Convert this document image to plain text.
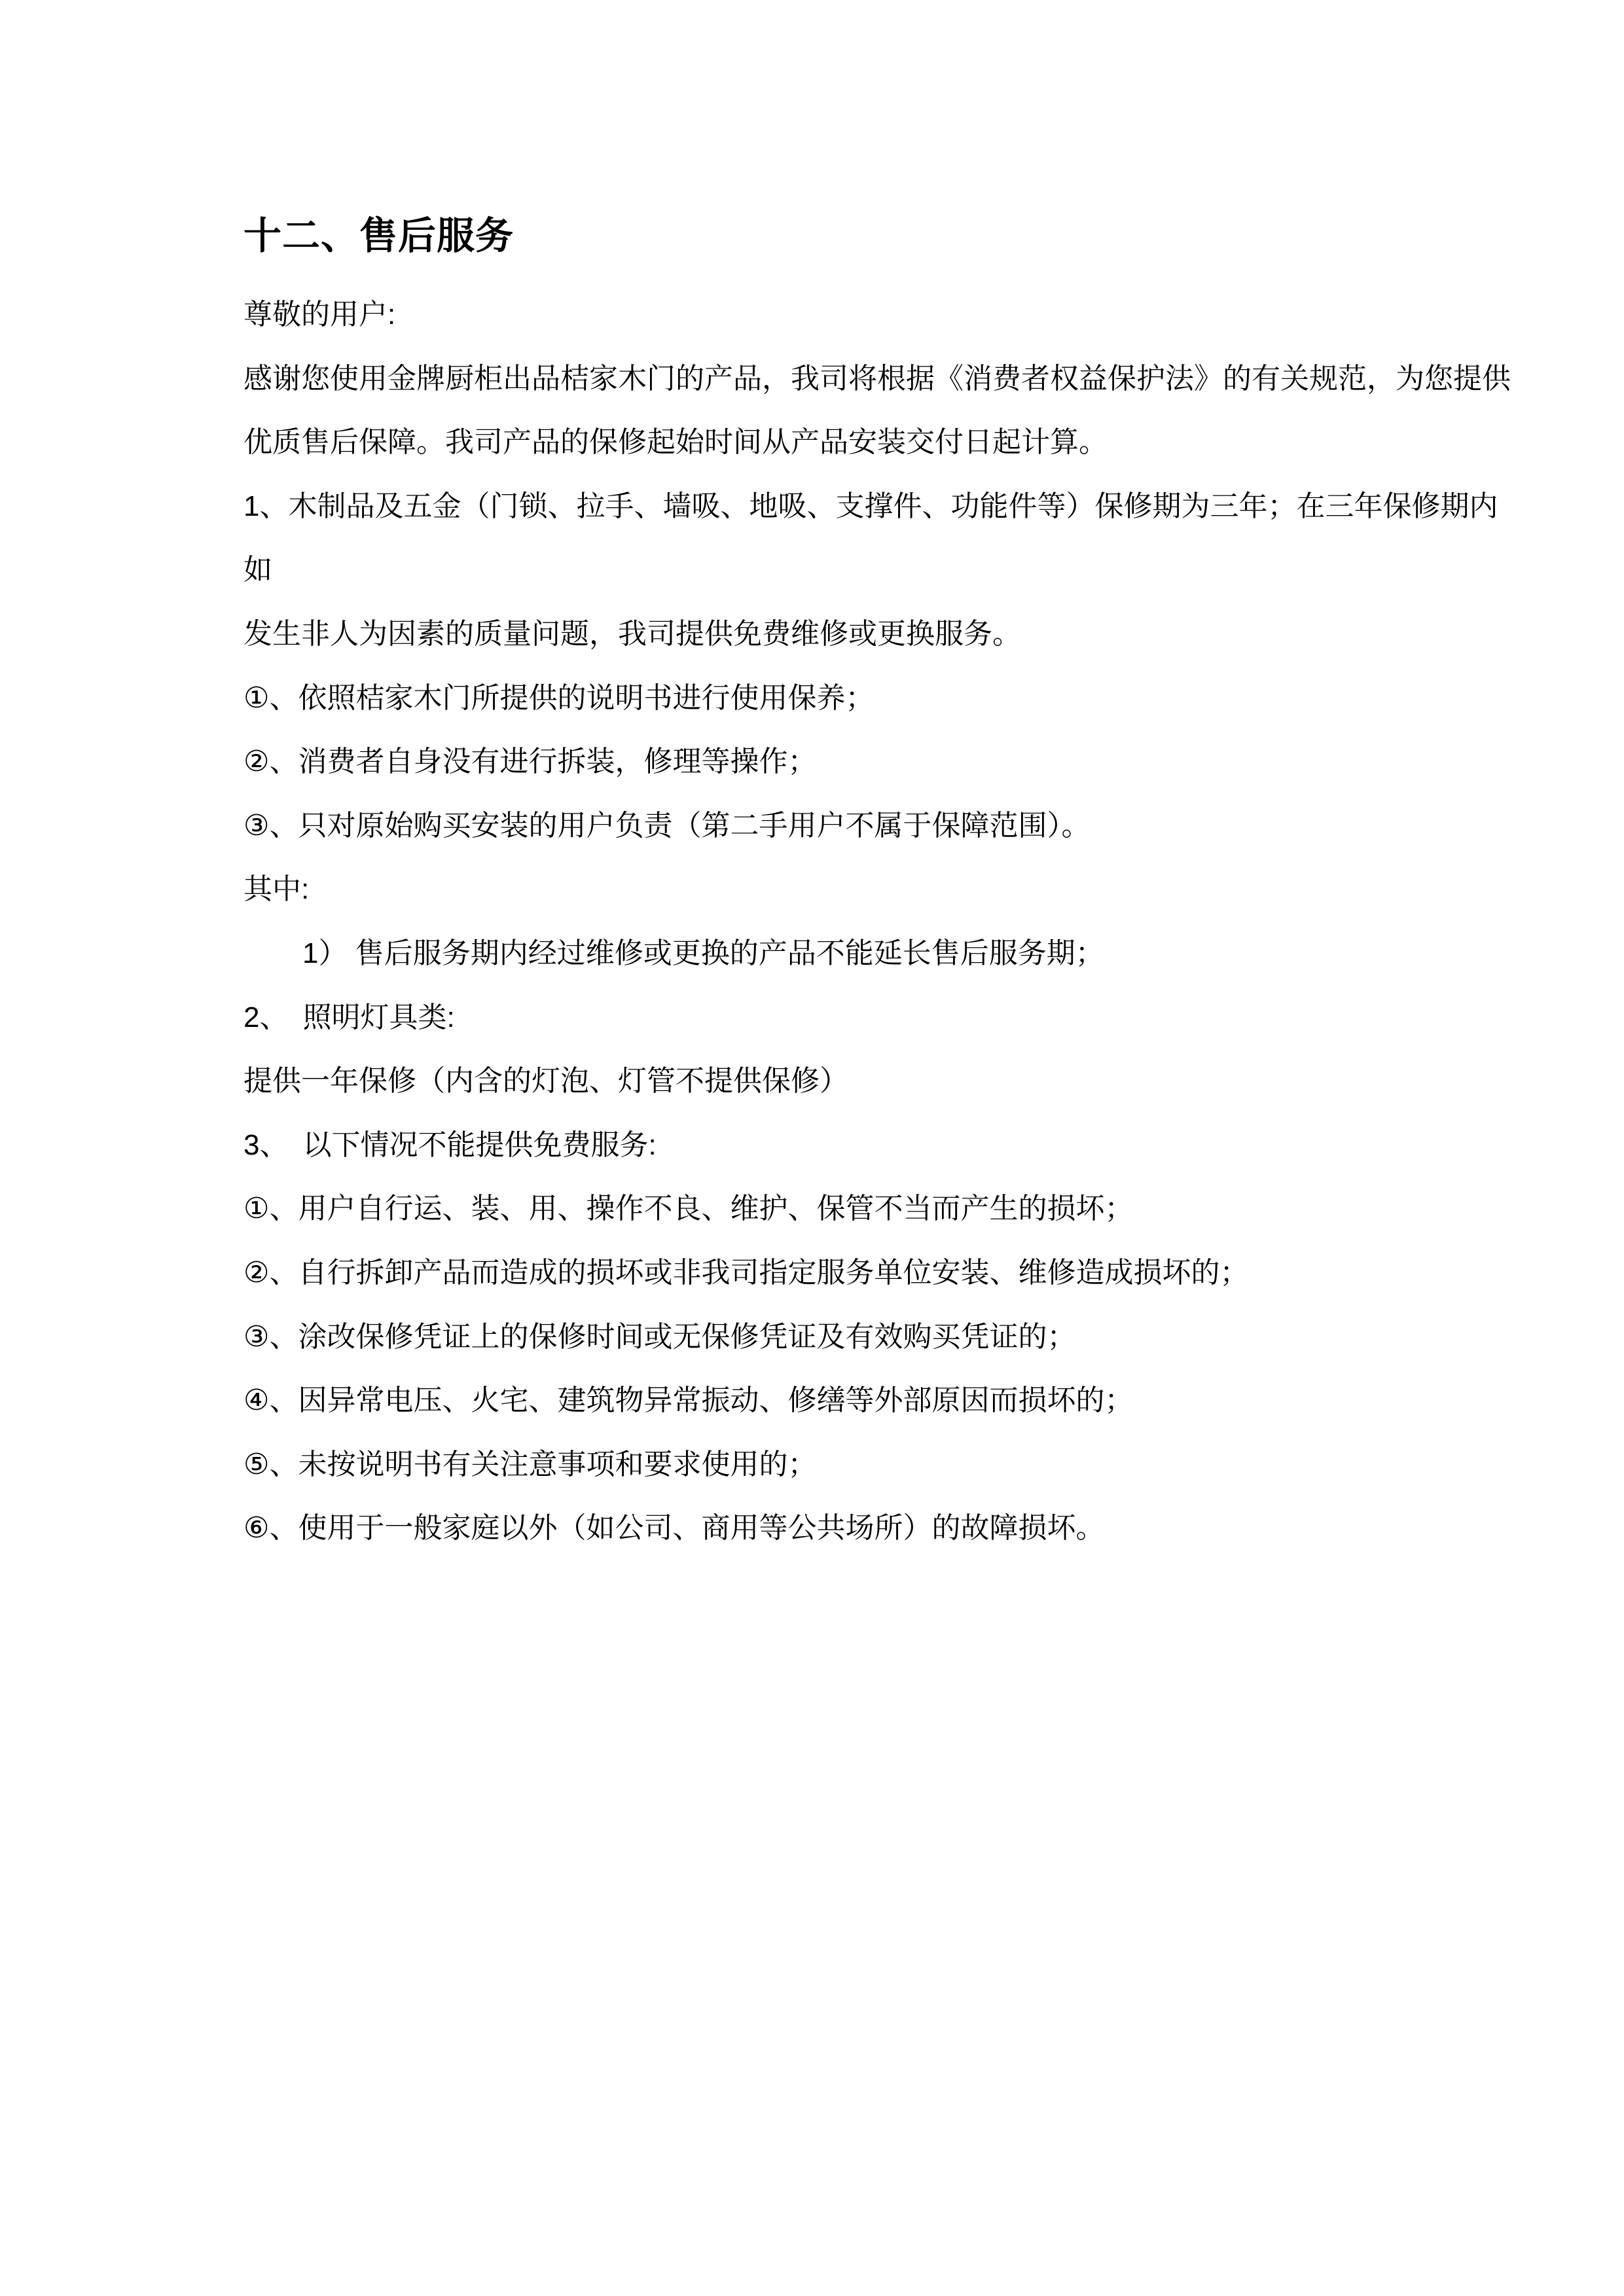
十二、售后服务

尊敬的用户:

感谢您使用金牌厨柜出品桔家木门的产品，我司将根据《消费者权益保护法》的有关规范，为您提供
优质售后保障。我司产品的保修起始时间从产品安装交付日起计算。

1、木制品及五金（门锁、拉手、墙吸、地吸、支撑件、功能件等）保修期为三年；在三年保修期内如
发生非人为因素的质量问题，我司提供免费维修或更换服务。

①、依照桔家木门所提供的说明书进行使用保养；

②、消费者自身没有进行拆装，修理等操作；

③、只对原始购买安装的用户负责（第二手用户不属于保障范围）。

其中:

1） 售后服务期内经过维修或更换的产品不能延长售后服务期；

2、　照明灯具类:

提供一年保修（内含的灯泡、灯管不提供保修）

3、　以下情况不能提供免费服务:

①、用户自行运、装、用、操作不良、维护、保管不当而产生的损坏；

②、自行拆卸产品而造成的损坏或非我司指定服务单位安装、维修造成损坏的；

③、涂改保修凭证上的保修时间或无保修凭证及有效购买凭证的；

④、因异常电压、火宅、建筑物异常振动、修缮等外部原因而损坏的；

⑤、未按说明书有关注意事项和要求使用的；

⑥、使用于一般家庭以外（如公司、商用等公共场所）的故障损坏。
